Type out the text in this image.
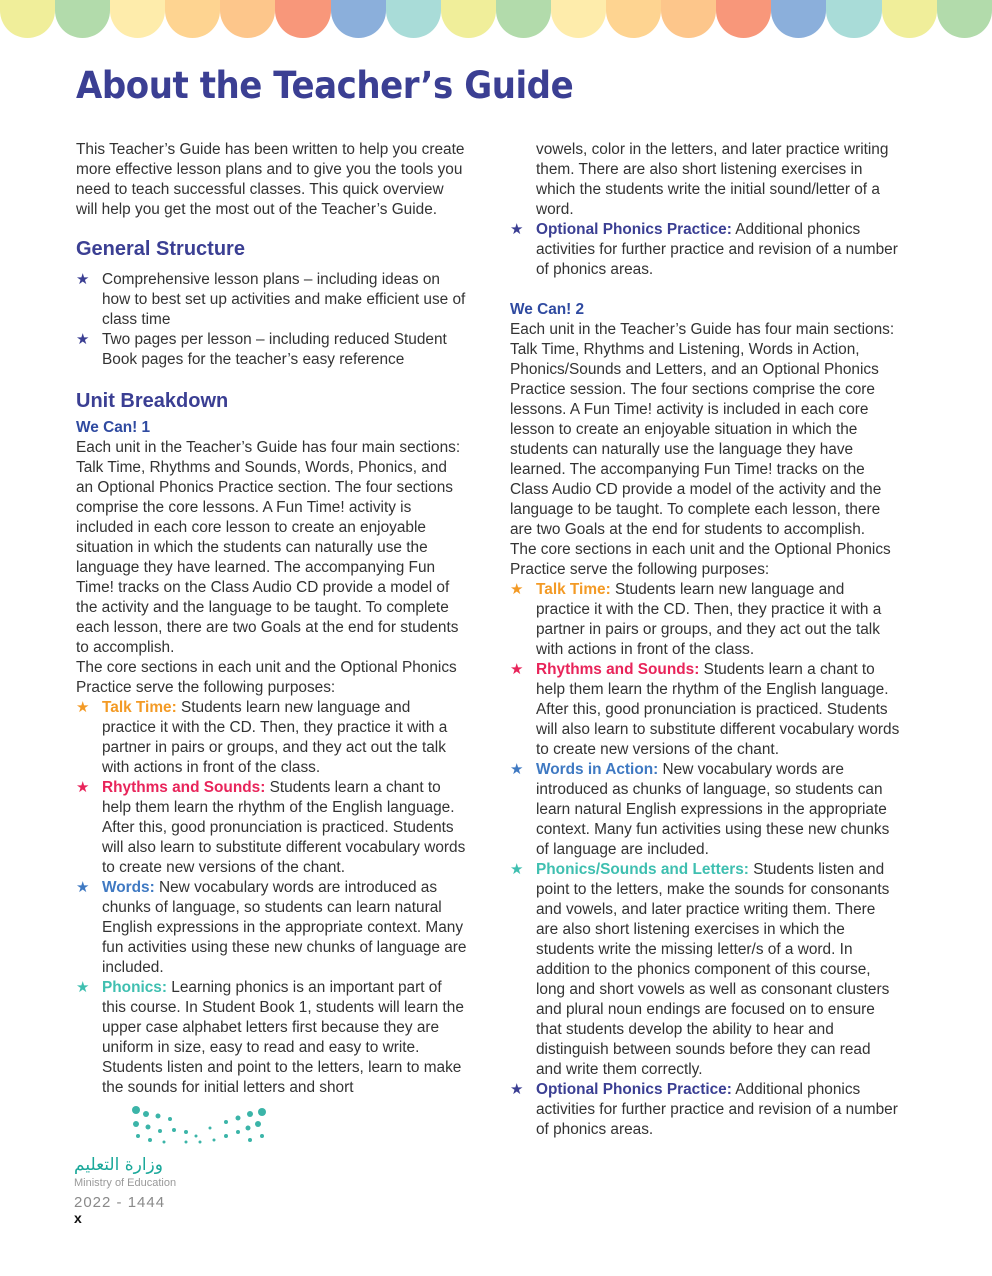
About the Teacher’s Guide

This Teacher’s Guide has been written to help you create more effective lesson plans and to give you the tools you need to teach successful classes. This quick overview will help you get the most out of the Teacher’s Guide.

General Structure
★ Comprehensive lesson plans – including ideas on how to best set up activities and make efficient use of class time
★ Two pages per lesson – including reduced Student Book pages for the teacher’s easy reference
Unit Breakdown
We Can! 1

Each unit in the Teacher’s Guide has four main sections: Talk Time, Rhythms and Sounds, Words, Phonics, and an Optional Phonics Practice section. The four sections comprise the core lessons. A Fun Time! activity is included in each core lesson to create an enjoyable situation in which the students can naturally use the language they have learned. The accompanying Fun Time! tracks on the Class Audio CD provide a model of the activity and the language to be taught. To complete each lesson, there are two Goals at the end for students to accomplish.

The core sections in each unit and the Optional Phonics Practice serve the following purposes:

★ Talk Time: Students learn new language and practice it with the CD. Then, they practice it with a partner in pairs or groups, and they act out the talk with actions in front of the class.
★ Rhythms and Sounds: Students learn a chant to help them learn the rhythm of the English language. After this, good pronunciation is practiced. Students will also learn to substitute different vocabulary words to create new versions of the chant.
★ Words: New vocabulary words are introduced as chunks of language, so students can learn natural English expressions in the appropriate context. Many fun activities using these new chunks of language are included.
★ Phonics: Learning phonics is an important part of this course. In Student Book 1, students will learn the upper case alphabet letters first because they are uniform in size, easy to read and easy to write. Students listen and point to the letters, learn to make the sounds for initial letters and short

vowels, color in the letters, and later practice writing them. There are also short listening exercises in which the students write the initial sound/letter of a word.

★ Optional Phonics Practice: Additional phonics activities for further practice and revision of a number of phonics areas.
We Can! 2

Each unit in the Teacher’s Guide has four main sections: Talk Time, Rhythms and Listening, Words in Action, Phonics/Sounds and Letters, and an Optional Phonics Practice session. The four sections comprise the core lessons. A Fun Time! activity is included in each core lesson to create an enjoyable situation in which the students can naturally use the language they have learned. The accompanying Fun Time! tracks on the Class Audio CD provide a model of the activity and the language to be taught. To complete each lesson, there are two Goals at the end for students to accomplish.

The core sections in each unit and the Optional Phonics Practice serve the following purposes:

★ Talk Time: Students learn new language and practice it with the CD. Then, they practice it with a partner in pairs or groups, and they act out the talk with actions in front of the class.
★ Rhythms and Sounds: Students learn a chant to help them learn the rhythm of the English language. After this, good pronunciation is practiced. Students will also learn to substitute different vocabulary words to create new versions of the chant.
★ Words in Action: New vocabulary words are introduced as chunks of language, so students can learn natural English expressions in the appropriate context. Many fun activities using these new chunks of language are included.
★ Phonics/Sounds and Letters: Students listen and point to the letters, make the sounds for consonants and vowels, and later practice writing them. There are also short listening exercises in which the students write the missing letter/s of a word. In addition to the phonics component of this course, long and short vowels as well as consonant clusters and plural noun endings are focused on to ensure that students develop the ability to hear and distinguish between sounds before they can read and write them correctly.
★ Optional Phonics Practice: Additional phonics activities for further practice and revision of a number of phonics areas.
وزارة التعليم
Ministry of Education
2022 - 1444
x
